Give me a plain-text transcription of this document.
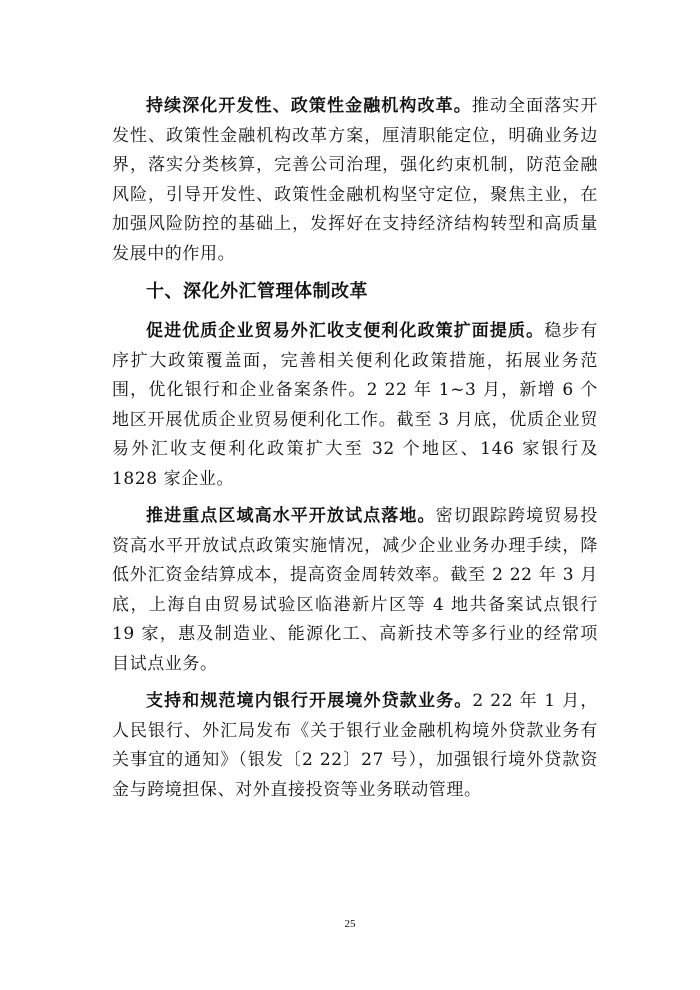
持续深化开发性、政策性金融机构改革。推动全面落实开发性、政策性金融机构改革方案，厘清职能定位，明确业务边界，落实分类核算，完善公司治理，强化约束机制，防范金融风险，引导开发性、政策性金融机构坚守定位，聚焦主业，在加强风险防控的基础上，发挥好在支持经济结构转型和高质量发展中的作用。

十、深化外汇管理体制改革

促进优质企业贸易外汇收支便利化政策扩面提质。稳步有序扩大政策覆盖面，完善相关便利化政策措施，拓展业务范围，优化银行和企业备案条件。2 22 年 1~3 月，新增 6 个地区开展优质企业贸易便利化工作。截至 3 月底，优质企业贸易外汇收支便利化政策扩大至 32 个地区、146 家银行及 1828 家企业。

推进重点区域高水平开放试点落地。密切跟踪跨境贸易投资高水平开放试点政策实施情况，减少企业业务办理手续，降低外汇资金结算成本，提高资金周转效率。截至 2 22 年 3 月底，上海自由贸易试验区临港新片区等 4 地共备案试点银行 19 家，惠及制造业、能源化工、高新技术等多行业的经常项目试点业务。

支持和规范境内银行开展境外贷款业务。2 22 年 1 月，人民银行、外汇局发布《关于银行业金融机构境外贷款业务有关事宜的通知》（银发〔2 22〕27 号），加强银行境外贷款资金与跨境担保、对外直接投资等业务联动管理。

25
